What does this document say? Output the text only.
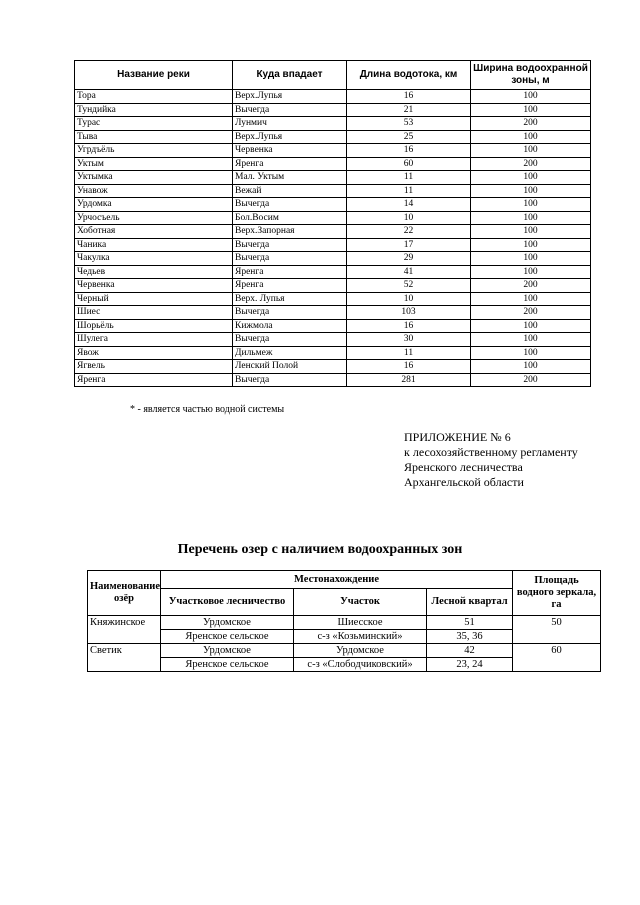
Название реки	Куда впадает	Длина водотока, км	Ширина водоохранной зоны, м
Тора	Верх.Лупья	16	100
Тундийка	Вычегда	21	100
Турас	Лунмич	53	200
Тыва	Верх.Лупья	25	100
Угрдъёль	Червенка	16	100
Уктым	Яренга	60	200
Уктымка	Мал. Уктым	11	100
Унавож	Вежай	11	100
Урдомка	Вычегда	14	100
Урчосъель	Бол.Восим	10	100
Хоботная	Верх.Запорная	22	100
Чаника	Вычегда	17	100
Чакулка	Вычегда	29	100
Чедьев	Яренга	41	100
Червенка	Яренга	52	200
Черный	Верх. Лупья	10	100
Шиес	Вычегда	103	200
Шорьёль	Кижмола	16	100
Шулега	Вычегда	30	100
Явож	Дильмеж	11	100
Ягвель	Ленский Полой	16	100
Яренга	Вычегда	281	200
* - является частью водной системы
ПРИЛОЖЕНИЕ № 6
к лесохозяйственному регламенту
Яренского лесничества
Архангельской области
Перечень озер с наличием водоохранных зон
Наименование озёр	Местонахождение			Площадь водного зеркала, га
	Участковое лесничество	Участок	Лесной квартал	
Княжинское	Урдомское	Шиесское	51	50
	Яренское сельское	с-з «Козьминский»	35, 36	
Светик	Урдомское	Урдомское	42	60
	Яренское сельское	с-з «Слободчиковский»	23, 24	
